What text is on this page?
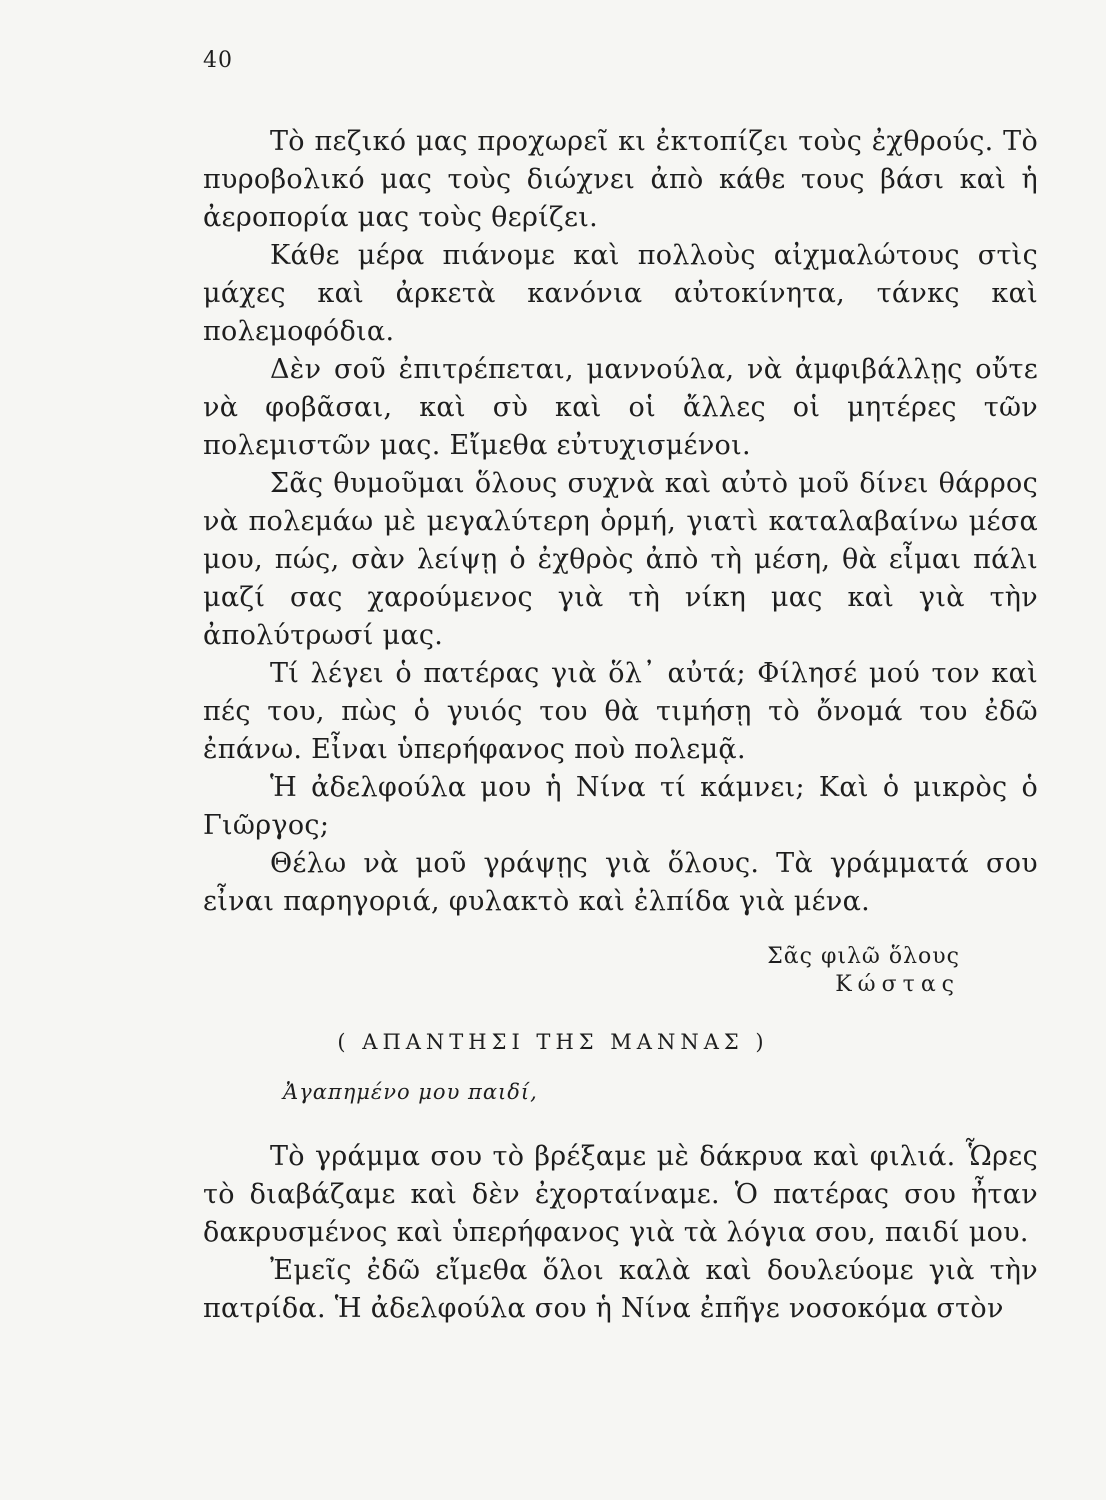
40

Τὸ πεζικό μας προχωρεῖ κι ἐκτοπίζει τοὺς ἐχθρούς. Τὸ πυροβολικό μας τοὺς διώχνει ἀπὸ κάθε τους βάσι καὶ ἡ ἀεροπορία μας τοὺς θερίζει.

Κάθε μέρα πιάνομε καὶ πολλοὺς αἰχμαλώτους στὶς μάχες καὶ ἀρκετὰ κανόνια αὐτοκίνητα, τάνκς καὶ πολεμοφόδια.

Δὲν σοῦ ἐπιτρέπεται, μαννούλα, νὰ ἀμφιβάλλῃς οὔτε νὰ φοβᾶσαι, καὶ σὺ καὶ οἱ ἄλλες οἱ μητέρες τῶν πολεμιστῶν μας. Εἴμεθα εὐτυχισμένοι.

Σᾶς θυμοῦμαι ὅλους συχνὰ καὶ αὐτὸ μοῦ δίνει θάρρος νὰ πολεμάω μὲ μεγαλύτερη ὁρμή, γιατὶ καταλαβαίνω μέσα μου, πώς, σὰν λείψῃ ὁ ἐχθρὸς ἀπὸ τὴ μέση, θὰ εἶμαι πάλι μαζί σας χαρούμενος γιὰ τὴ νίκη μας καὶ γιὰ τὴν ἀπολύτρωσί μας.

Τί λέγει ὁ πατέρας γιὰ ὅλ᾽ αὐτά; Φίλησέ μού τον καὶ πές του, πὼς ὁ γυιός του θὰ τιμήσῃ τὸ ὄνομά του ἐδῶ ἐπάνω. Εἶναι ὑπερήφανος ποὺ πολεμᾷ.

Ἡ ἀδελφούλα μου ἡ Νίνα τί κάμνει; Καὶ ὁ μικρὸς ὁ Γιῶργος;

Θέλω νὰ μοῦ γράψῃς γιὰ ὅλους. Τὰ γράμματά σου εἶναι παρηγοριά, φυλακτὸ καὶ ἐλπίδα γιὰ μένα.

Σᾶς φιλῶ ὅλους
Κώστας
( ΑΠΑΝΤΗΣΙ ΤΗΣ ΜΑΝΝΑΣ )
Ἀγαπημένο μου παιδί,

Τὸ γράμμα σου τὸ βρέξαμε μὲ δάκρυα καὶ φιλιά. Ὧρες τὸ διαβάζαμε καὶ δὲν ἐχορταίναμε. Ὁ πατέρας σου ἦταν δακρυσμένος καὶ ὑπερήφανος γιὰ τὰ λόγια σου, παιδί μου.

Ἐμεῖς ἐδῶ εἴμεθα ὅλοι καλὰ καὶ δουλεύομε γιὰ τὴν πατρίδα. Ἡ ἀδελφούλα σου ἡ Νίνα ἐπῆγε νοσοκόμα στὸν
